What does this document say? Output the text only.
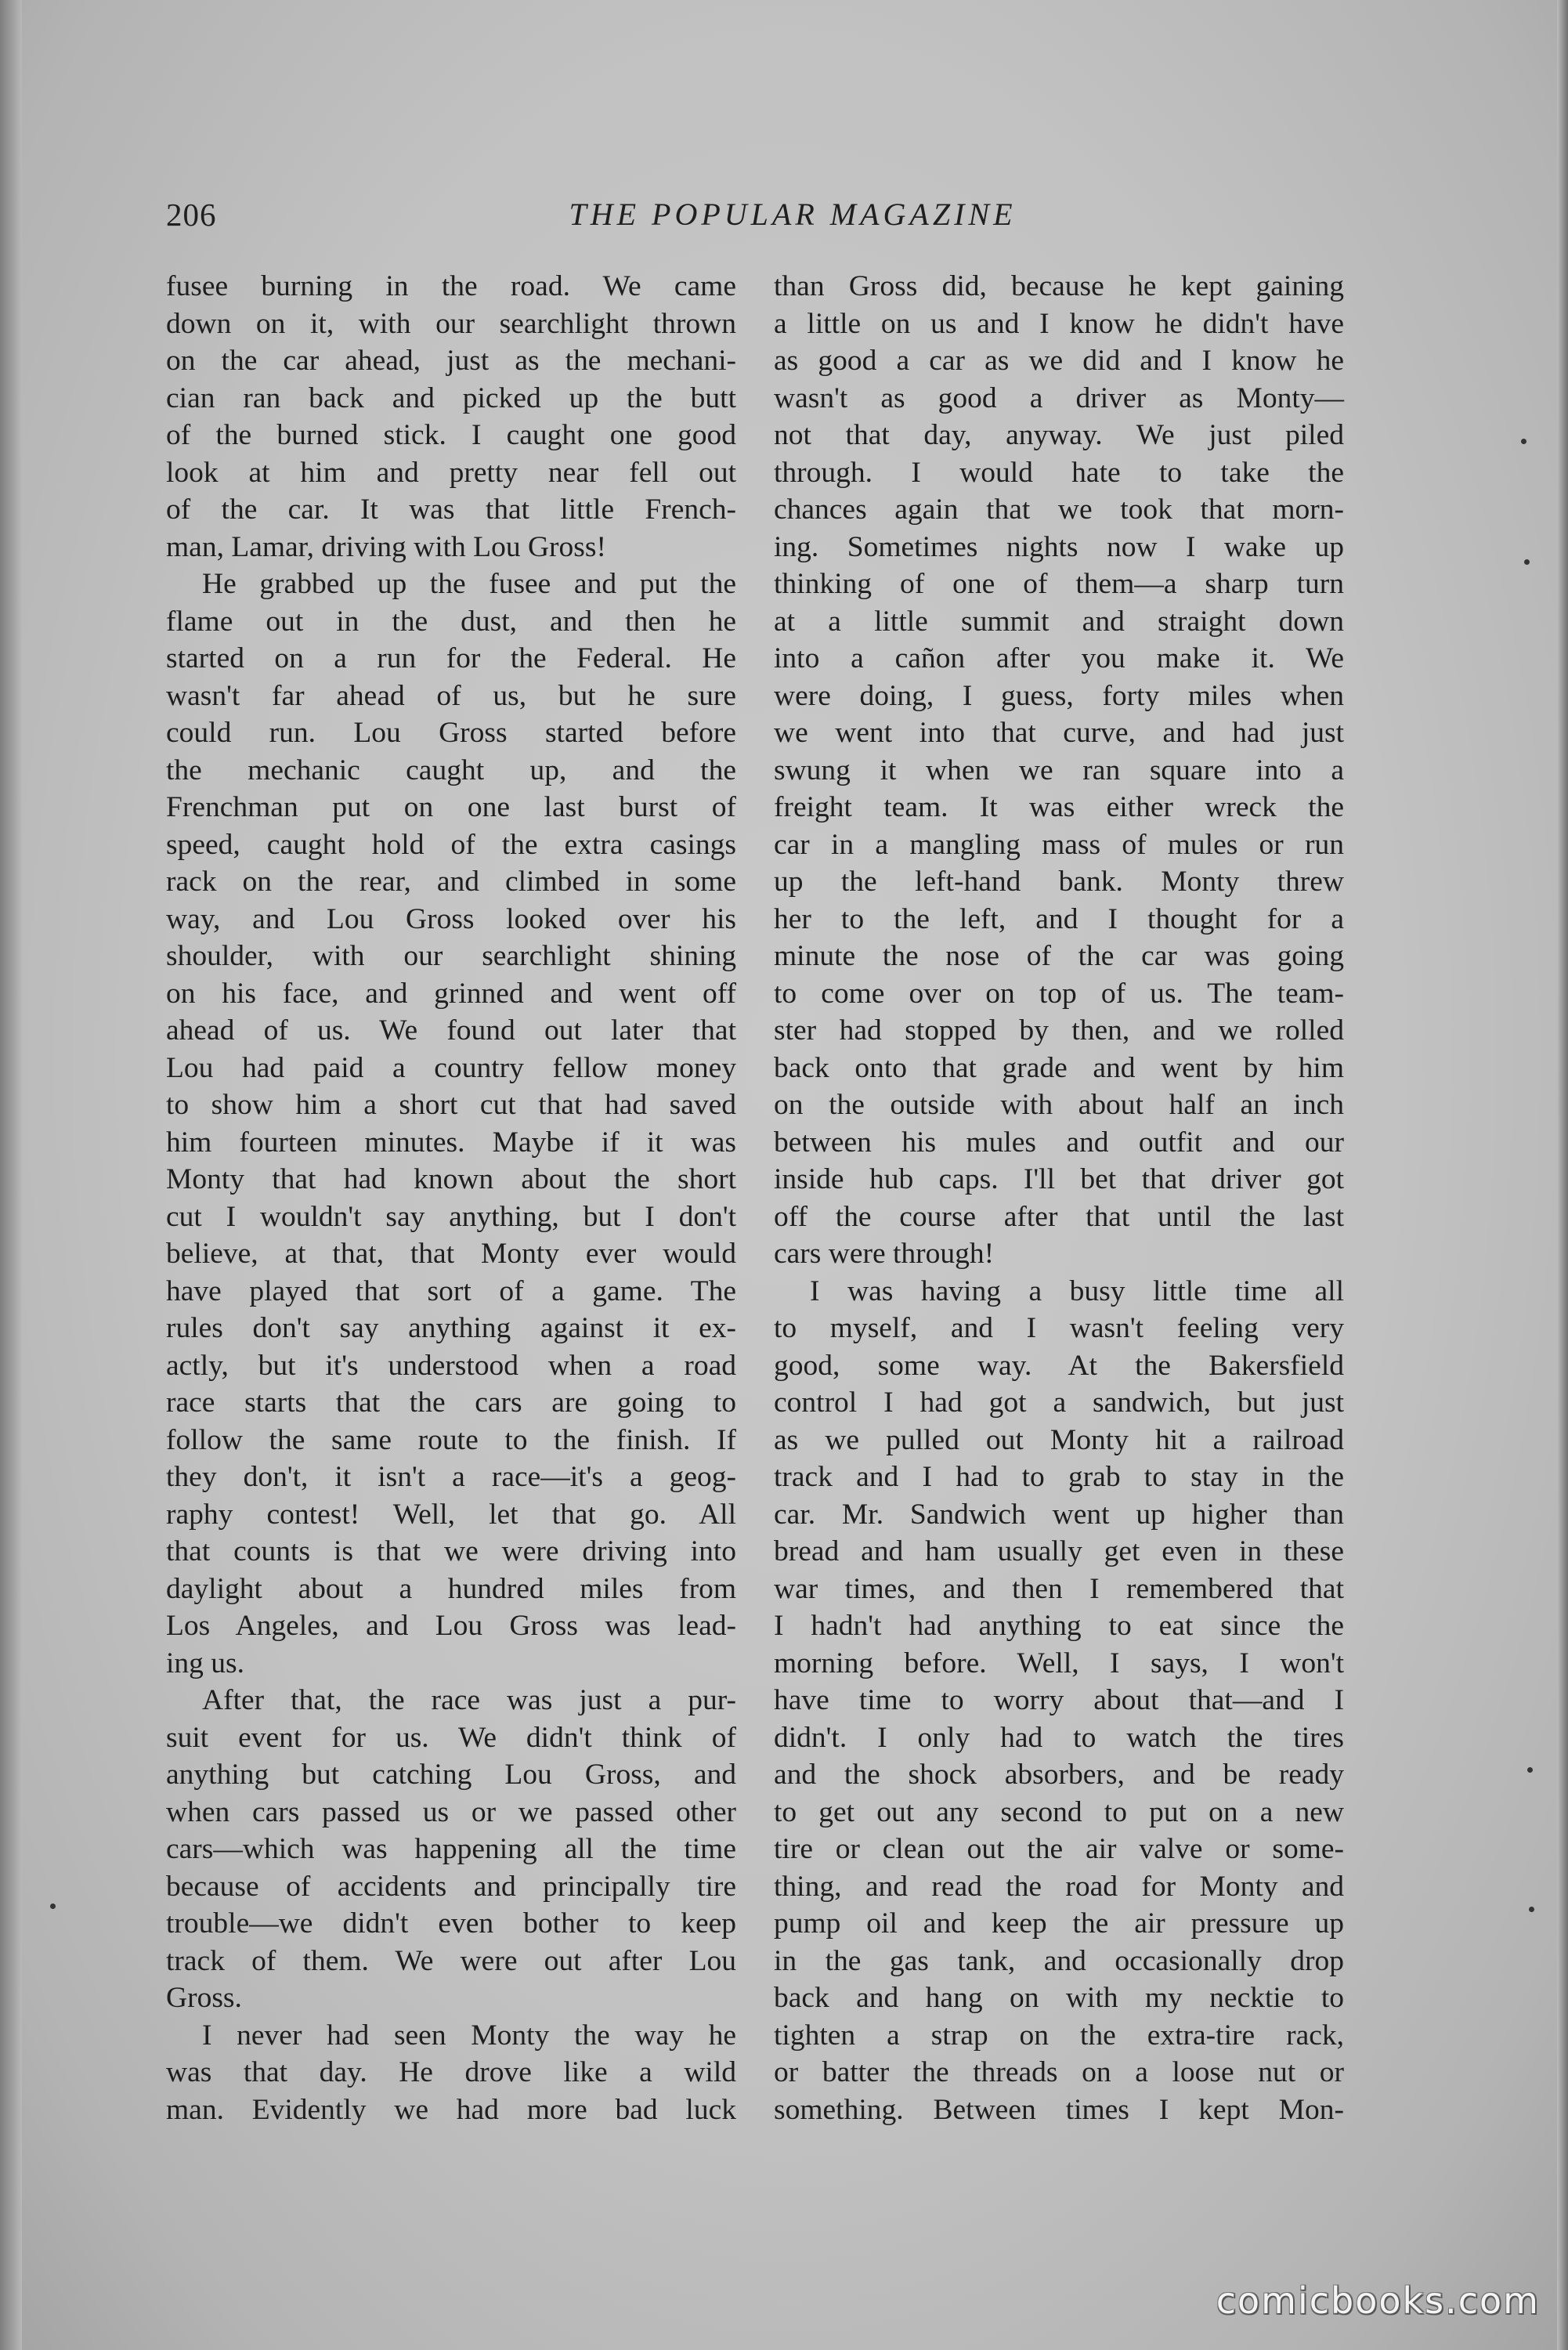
206	THE POPULAR MAGAZINE
fusee burning in the road. We came
down on it, with our searchlight thrown
on the car ahead, just as the mechani-
cian ran back and picked up the butt
of the burned stick. I caught one good
look at him and pretty near fell out
of the car. It was that little French-
man, Lamar, driving with Lou Gross!
He grabbed up the fusee and put the
flame out in the dust, and then he
started on a run for the Federal. He
wasn't far ahead of us, but he sure
could run. Lou Gross started before
the mechanic caught up, and the
Frenchman put on one last burst of
speed, caught hold of the extra casings
rack on the rear, and climbed in some
way, and Lou Gross looked over his
shoulder, with our searchlight shining
on his face, and grinned and went off
ahead of us. We found out later that
Lou had paid a country fellow money
to show him a short cut that had saved
him fourteen minutes. Maybe if it was
Monty that had known about the short
cut I wouldn't say anything, but I don't
believe, at that, that Monty ever would
have played that sort of a game. The
rules don't say anything against it ex-
actly, but it's understood when a road
race starts that the cars are going to
follow the same route to the finish. If
they don't, it isn't a race—it's a geog-
raphy contest! Well, let that go. All
that counts is that we were driving into
daylight about a hundred miles from
Los Angeles, and Lou Gross was lead-
ing us.
After that, the race was just a pur-
suit event for us. We didn't think of
anything but catching Lou Gross, and
when cars passed us or we passed other
cars—which was happening all the time
because of accidents and principally tire
trouble—we didn't even bother to keep
track of them. We were out after Lou
Gross.
I never had seen Monty the way he
was that day. He drove like a wild
man. Evidently we had more bad luck
than Gross did, because he kept gaining
a little on us and I know he didn't have
as good a car as we did and I know he
wasn't as good a driver as Monty—
not that day, anyway. We just piled
through. I would hate to take the
chances again that we took that morn-
ing. Sometimes nights now I wake up
thinking of one of them—a sharp turn
at a little summit and straight down
into a cañon after you make it. We
were doing, I guess, forty miles when
we went into that curve, and had just
swung it when we ran square into a
freight team. It was either wreck the
car in a mangling mass of mules or run
up the left-hand bank. Monty threw
her to the left, and I thought for a
minute the nose of the car was going
to come over on top of us. The team-
ster had stopped by then, and we rolled
back onto that grade and went by him
on the outside with about half an inch
between his mules and outfit and our
inside hub caps. I'll bet that driver got
off the course after that until the last
cars were through!
I was having a busy little time all
to myself, and I wasn't feeling very
good, some way. At the Bakersfield
control I had got a sandwich, but just
as we pulled out Monty hit a railroad
track and I had to grab to stay in the
car. Mr. Sandwich went up higher than
bread and ham usually get even in these
war times, and then I remembered that
I hadn't had anything to eat since the
morning before. Well, I says, I won't
have time to worry about that—and I
didn't. I only had to watch the tires
and the shock absorbers, and be ready
to get out any second to put on a new
tire or clean out the air valve or some-
thing, and read the road for Monty and
pump oil and keep the air pressure up
in the gas tank, and occasionally drop
back and hang on with my necktie to
tighten a strap on the extra-tire rack,
or batter the threads on a loose nut or
something. Between times I kept Mon-
comicbooks.com
